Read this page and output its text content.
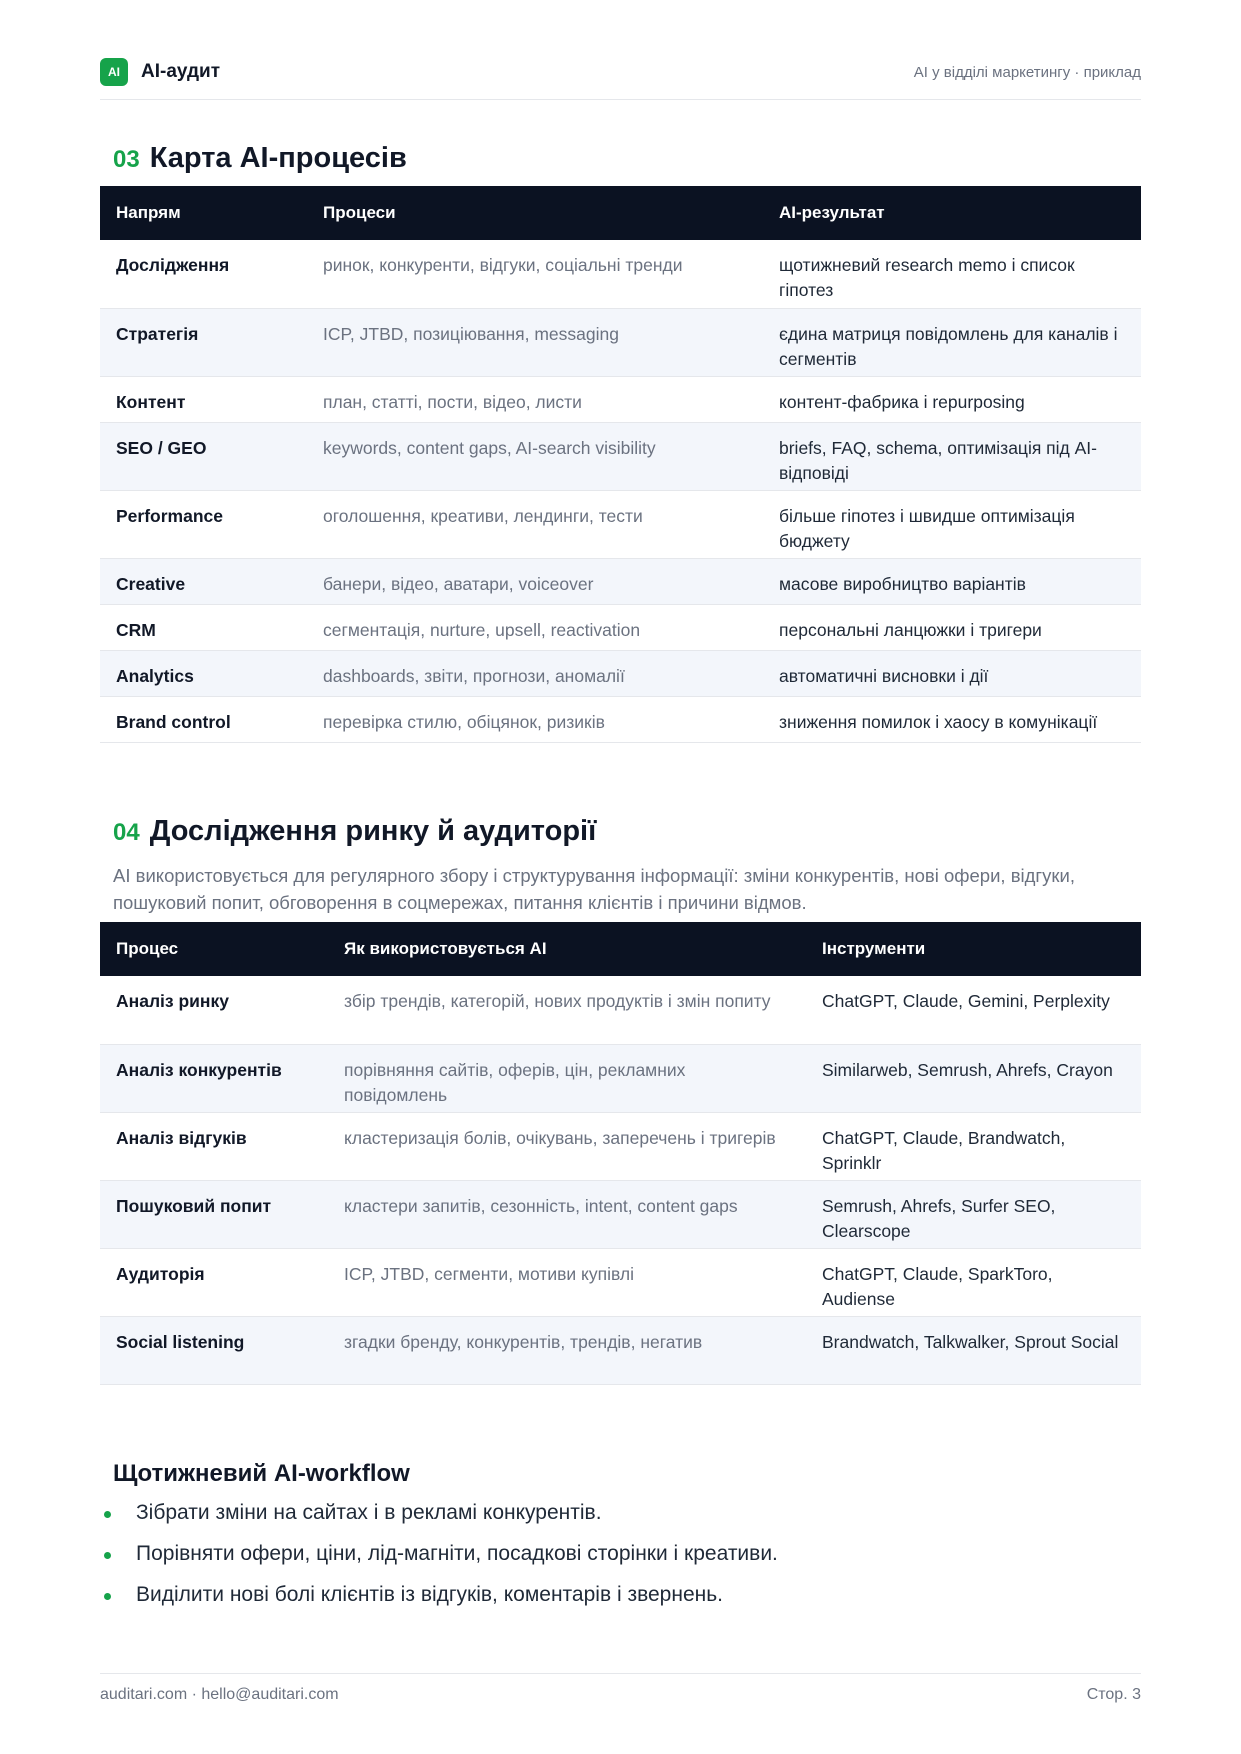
AI	AI-аудит	AI у відділі маркетингу · приклад
03 Карта AI-процесів
Напрям	Процеси	AI-результат
Дослідження	ринок, конкуренти, відгуки, соціальні тренди	щотижневий research memo і список гіпотез
Стратегія	ICP, JTBD, позиціювання, messaging	єдина матриця повідомлень для каналів і сегментів
Контент	план, статті, пости, відео, листи	контент-фабрика і repurposing
SEO / GEO	keywords, content gaps, AI-search visibility	briefs, FAQ, schema, оптимізація під AI-відповіді
Performance	оголошення, креативи, лендинги, тести	більше гіпотез і швидше оптимізація бюджету
Creative	банери, відео, аватари, voiceover	масове виробництво варіантів
CRM	сегментація, nurture, upsell, reactivation	персональні ланцюжки і тригери
Analytics	dashboards, звіти, прогнози, аномалії	автоматичні висновки і дії
Brand control	перевірка стилю, обіцянок, ризиків	зниження помилок і хаосу в комунікації
04 Дослідження ринку й аудиторії
AI використовується для регулярного збору і структурування інформації: зміни конкурентів, нові офери, відгуки, пошуковий попит, обговорення в соцмережах, питання клієнтів і причини відмов.
Процес	Як використовується AI	Інструменти
Аналіз ринку	збір трендів, категорій, нових продуктів і змін попиту	ChatGPT, Claude, Gemini, Perplexity
Аналіз конкурентів	порівняння сайтів, оферів, цін, рекламних повідомлень	Similarweb, Semrush, Ahrefs, Crayon
Аналіз відгуків	кластеризація болів, очікувань, заперечень і тригерів	ChatGPT, Claude, Brandwatch, Sprinklr
Пошуковий попит	кластери запитів, сезонність, intent, content gaps	Semrush, Ahrefs, Surfer SEO, Clearscope
Аудиторія	ICP, JTBD, сегменти, мотиви купівлі	ChatGPT, Claude, SparkToro, Audiense
Social listening	згадки бренду, конкурентів, трендів, негатив	Brandwatch, Talkwalker, Sprout Social
Щотижневий AI-workflow
Зібрати зміни на сайтах і в рекламі конкурентів.
Порівняти офери, ціни, лід-магніти, посадкові сторінки і креативи.
Виділити нові болі клієнтів із відгуків, коментарів і звернень.
auditari.com · hello@auditari.com	Стор. 3
